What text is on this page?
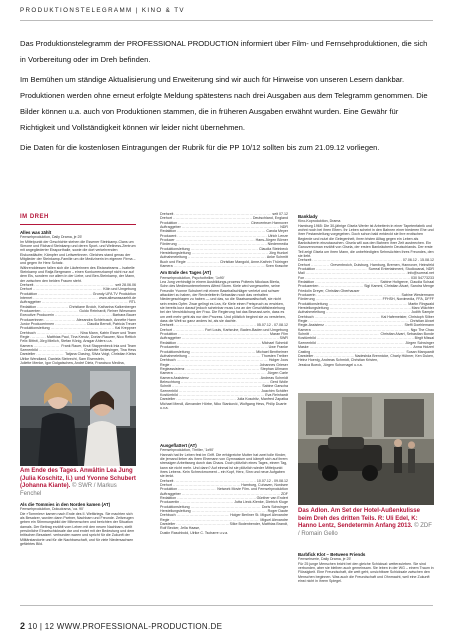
PRODUKTIONSTELEGRAMM | KINO & TV

Das Produktionstelegramm der PROFESSIONAL PRODUCTION informiert über Film- und Fernsehproduktionen, die sich in Vorbereitung oder im Dreh befinden.

Im Bemühen um ständige Aktualisierung und Erweiterung sind wir auch für Hinweise von unseren Lesern dankbar. Produktionen werden ohne erneut erfolgte Meldung spätestens nach drei Ausgaben aus dem Telegramm genommen. Die Bilder können u.a. auch von Produktionen stammen, die in früheren Ausgaben erwähnt wurden. Eine Gewähr für Richtigkeit und Vollständigkeit können wir leider nicht übernehmen.

Die Daten für die kostenlosen Eintragungen der Rubrik für die PP 10/12 sollten bis zum 21.09.12 vorliegen.

IM DREH
Alles was zählt
Fernsehproduktion, Daily Drama, je 25'
Im Mittelpunkt der Geschichte stehen die Essener Steinkamp-Clans um Simone und Richard Steinkamp und deren Sport- und Wellness-Zentrum mit angegliederter Eissporthalle, sowie die dort verkehrenden Eiskunstläufer, Kämpfer und Leitwertinnen. Gleiches stand genau der Mitglieder der Steinkamp-Familie um die Medizinerin im eigenen Firma – und gegen ihr Herz Schatz.
Währenddessen fallen sich die Läuferinnen des Eistanzteams – Isabelle Steinkamp und Ratja Bergmann – einen Konkurrenzkampf nicht nur auf dem Eis, sondern vor allem in der Liebe, und Ben-Steinkamp, der Mann, der zwischen den beiden Frauen steht.
Drehzeit .....	seit 28.06.06
Drehort .....	Köln und Umgebung
Produktion .....	Grundy UFA TV Produktion
Internet .....	www.alleswaszaehlt.de
Auftraggeber .....	RTL
Redaktion .....	Christiane Broich, Katharina Kalkenberger
Producenten .....	Guido Reinhardt, Reiner Wiesmann
Executive Producerin .....	Barbara Bauer
Producerinnen .....	Alexandra Schlebusch, Annette Hann
Junior Producerinnen .....	Claudia Berndt, Patricia Treuer
Produktionsleitung .....	Kai Kreppner
Drehbuch .....	Nina Mann, Katrin Esser und Team
Regie .....	Matthias Paul, Tina Kreutz, Dorian Rauwer, Nico Rettich
Felix Bittnit, Jörg Mielich, Stefan König, Ansgar Ahlers u.a.
Kamera .....	Frank Rauer, Knut Stappenbeck Inia und Team
Szenenbild .....	Charlotte Schlesinger, Tina Hess
Darsteller .....	Tatjana Clasing, Silvia Voigt, Christian Kleiss
Ulrike Wendland, Daniela Siebrecht, Sam Eisenstein,
Juliette Menke, Igor Dolgatschew, André Dietz, Francisco Medina,
Am Ende des Tages. Anwältin Lea Jung (Julia Koschitz, li.) und Yvonne Schubert (Johanna Kiante). © SWR / Markus Fenchel
Als die Tommies in den Norden kamen (AT)
Fernsehproduktion, Dokudrama, 'ca. 90'
Die »Tommies« kamen nach Ende des II. Weltkriegs. Sie machten sich als Besatzer, wurden dann Partner, Nachbarn und Freunde. Zeitzeugen geben ein Stimmungsbild der Mitmenschen und berichten der Situation damals. Der Beitrag erzählt vom Leben mit den neuen Nachbarn, stellt persönliche Einzelschicksale dar und endet mit der Bedeutung und dem britischen Besatzerl. verbunden waren und spricht für die Zukunft der Militärstandorte und für die Nachbarschaft, und für viele Niedersachsen gefärbtes Bild.
Drehzeit .....	seit 07.12
Drehort .....	Deutschland, England
Produktion .....	Cinecentrum Hannover
Auftraggeber .....	NDR
Redaktion .....	Carola Meyer
Producent .....	Ulrich Lenze
Producer .....	Hans-Jürgen Börner
Förderung .....	Niedermedia
Produktionsleitung .....	Claudia Steinbeck
Herstellungsleitung .....	Jörg Hunkel
Aufnahmeleitung .....	Anke Schmitt
Buch und Regie .....	Christian Mangold, Anne-Kathrin Thüringer
Kamera .....	Sven Krasche
Am Ende des Tages (AT)
Fernsehproduktion, Psychothriller, '1x90'
Lea Jung verhindigt in einem Ausbildungs-prozess Poltenis Nikolaus Bierla, Sohn des Medienunternehmers Alfred Storm. Kiele wird vorgeworfen, seine Freundin Yvonne Schubert mit einem Baseballschläger verletzt und schwer attackiert zu haben, der Revierleiterin Sebastian noch das verhalten Niedergeschlagen zu haben — und das, so die Staatsanwaltschaft, sie nicht sein erstes Opfer. Zwar gelingt es Lea, für Kiele einen Freispruch zu erwirken, sie bereits kurz darauf jedoch scheinbar muss Lea an der Geschäftsbeziehung bei der Verwirklichung der Frau. Die Regierung hat das Bewusst-sein, dass es um weit mehr geht als nur den Prozess. Und plötzlich beginnt sie zu verstehen, dass die Welt so ganz anders ist, als sie dachte.
Drehzeit .....	05.07.12 - 07.08.12
Drehort .....	Fort Louis, Karlsruhe, Baden-Baden und Umgebung
Produktion .....	Maran Film
Auftraggeber .....	SWR
Redaktion .....	Michael Schmidl
Producentin .....	Uwe Franke
Produktionsleitung .....	Michael Bentheimer
Aufnahmeleitung .....	Thorsten Treiber
Drehbuch .....	Holger Joos
Regie .....	Johannes Grieser
Regieassistenz .....	Stephan Ullmann
Kamera .....	Jürgen Carle
Kamera Assistenz .....	Andreas Schmidt
Beleuchtung .....	Gerd Wolle
Schnitt .....	Sabine Garscha
Szenenbild .....	Joachim Schäfer
Kostümbild .....	Eva Reinhardt
Darsteller .....	Julia Koschitz, Manfred Zapatka
Michael Mendl, Alexander Hörbe, Niko Stanković, Wolfgang Hess, Philip Duarte u.v.a.
Ausgeflattert (AT)
Fernsehproduktion, Thriller, '1x90'
Hannah hat ihr Leben fest im Griff. Die erfolgreiche Mutter hat zwei tolle Kinder, die jemand lieber als ihren Ehemann von Gymnasium und kämpft sich auf ihrem stressigen Arbeitsweg durch das Chaos. Doch plötzlich eines Tages, einem Tag, kann sie nicht mehr. Und dann? Auf einmal ist sie plötzlich wieder Mittelpunkt ihres Lebens. Kein Schreckmoment – ein Kopf, Herz, Sinn und neue Aufgaben sie lenkt.
Drehzeit .....	10.07.12 - 09.08.12
Drehort .....	Hamburg, Cuhaven, Nordsee
Produktion .....	Network Movie Film- und Fernsehproduktion
Auftraggeber .....	ZDF
Redaktion .....	Günther van Endert
Producentin .....	Jutta Lieck-Klenke, Dietrich Kluge
Produktionsleitung .....	Doris Schwinger
Herstellungsleitung .....	Roger Daute
Drehbuch .....	Holger Berliner St. Miguel Alexandre
Regie .....	Miguel Alexandre
Darsteller .....	Silke Bodenbender, Matthias Brandt,
Rolf Becker, Jella Haase,
Dustin Raschbold, Ulrike C. Tscharre u.v.a.
Banklady
Kino-Koproduktion, Drama
Hamburg 1965: Die 30-jährige Gisela Werler ist Arbeiterin in einer Tapetenfabrik und wohnt noch bei ihren Eltern. Ihr Leben scheint in den Bahnen einer biederen Ehe und ihrer Festanstellung vorgegeben. Doch schon bald entdeckt sie ihre erotischen Begierde und nutzt die Gelegenheit, ihren tristen Alltag gegen ein Leben als Bankräuberin einzutauschen. Gisela will aus den Bahnen ihrer Zeit ausbrechen. Ein Ganovenroman erzählt von Gisela, der ersten Bankräuberin Deutschlands. Der erste Teil zeigt Gisela um ihren Mann, die unbefriedigten Sehnsüchten ihres Freundes, den sie liebt.
Drehzeit .....	07.06.12 - 15.08.12
Drehort .....	Grevenbroich, Duisburg, Hamburg, Bremen, Hannover, Heinsfeld
Produktion .....	Surreal Entertainment, Studiocanal, NDR
Mail .....	info@surreal.net
Fon .....	030 54773233
Redaktion .....	Sabine Holtgreve, Claudia Schaal
Produzenten .....	Sigi Kamml, Christian Alvart, Sandra Menge
Friedolin Dreyer, Christian Oberhauser
Producerin .....	Sabine Westermann
Förderung .....	FFHSH, Nordmedia, FFA, DFFF
Produktionsleitung .....	Martin Ringwald
Herstellungsleitung .....	Marc Wächter
Aufnahmeleitung .....	Judith Sample
Drehbuch .....	Kai Hafemeister, Christoph Silber
Regie .....	Christian Alvart
Regie-Assistenz .....	Steffi Doehlemann
Kamera .....	Ngo The Chau
Schnitt .....	Christian Alvart, Sebastian Bonde
Kostümbild .....	Birgit Missal
Szenenbild .....	Jürgen Schwinger
Maske .....	Anna Holzerl
Casting .....	Susan Marquardt
Darsteller .....	Nadeshda Brennicke, Charly Hübner, Ken Duken,
Heinz Hoenig, Andreas Schmidt, Christian Kristen,
Jessica Boeck, Jürgen Schornagel u.v.a.
Das Adlon. Am Set der Hotel-Außenkulisse beim Dreh des dritten Teils. R: Uli Edel, K: Hanno Lentz, Sendetermin Anfang 2013. © ZDF / Romain Gello
Barbfick Klot – Between Friends
Fernsehserie, Daily Drama, je 25'
Für 25 junge Menschen bricht bei den gleiche Schicksal: weiterzuleben. Sie sind verbunden, aber sie bleiben auch gemeinsam. Sie leben in der WG – einem Traum in Flüssigkeit. Eine Freundschaft, die weit geht, unsichtbare Schicksale zwischen den Menschen beginnen. Was auch die Freundschaft und Ohnmacht, weil eine Zukunft einst nicht in ihrem Spiegel.
2 10 | 12 WWW.PROFESSIONAL-PRODUCTION.DE
